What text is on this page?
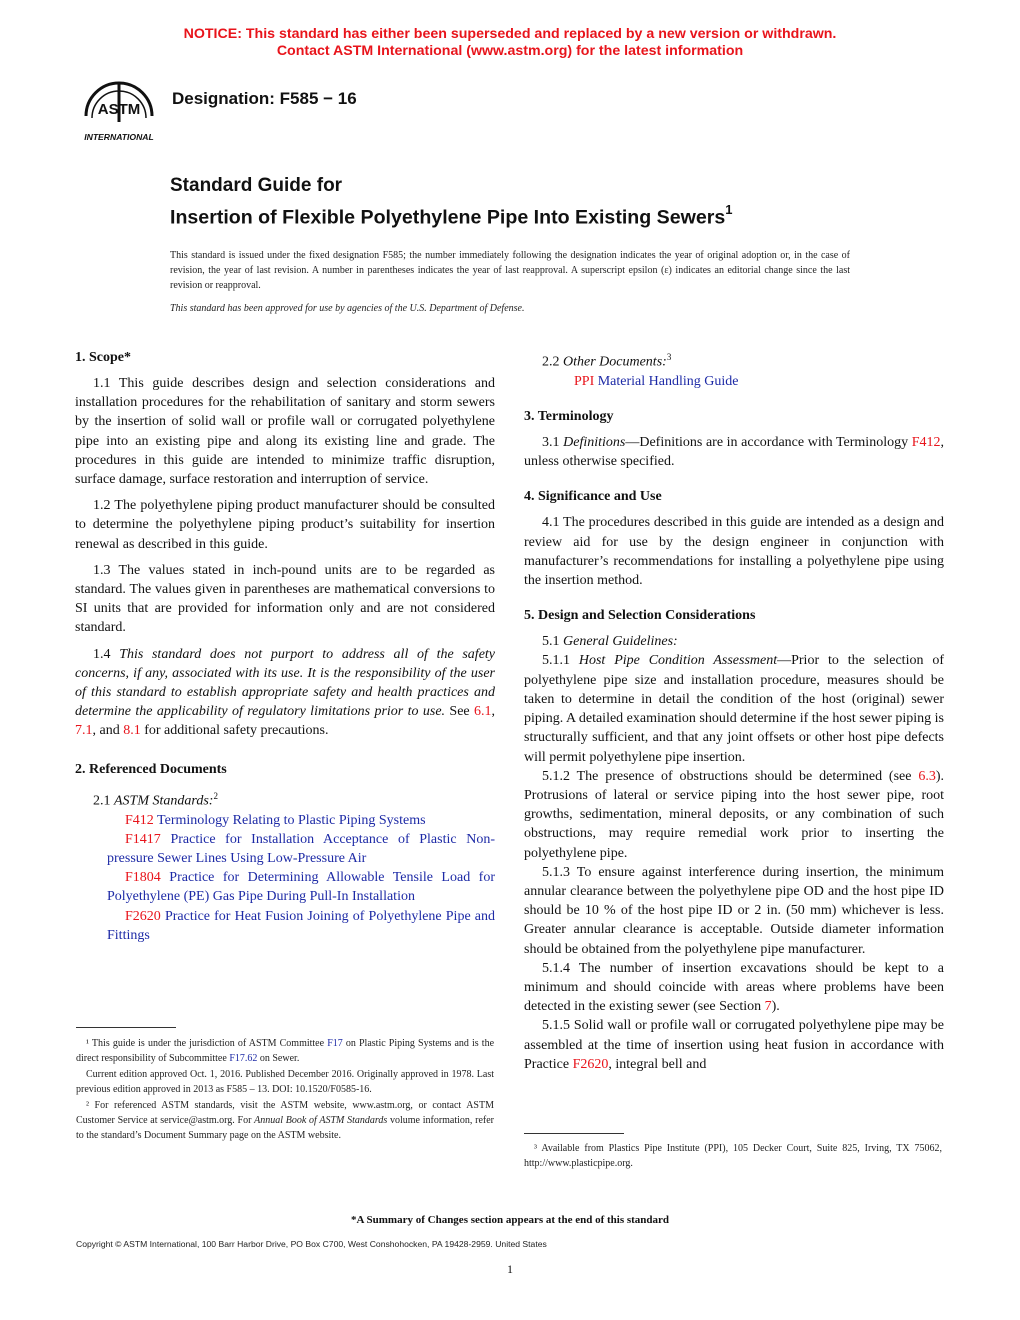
NOTICE: This standard has either been superseded and replaced by a new version or withdrawn.
Contact ASTM International (www.astm.org) for the latest information
ASTM
INTERNATIONAL
Designation: F585 − 16
Standard Guide for
Insertion of Flexible Polyethylene Pipe Into Existing Sewers$^1$
This standard is issued under the fixed designation F585; the number immediately following the designation indicates the year of original adoption or, in the case of revision, the year of last revision. A number in parentheses indicates the year of last reapproval. A superscript epsilon (ε) indicates an editorial change since the last revision or reapproval.
This standard has been approved for use by agencies of the U.S. Department of Defense.
1. Scope*

1.1 This guide describes design and selection considerations and installation procedures for the rehabilitation of sanitary and storm sewers by the insertion of solid wall or profile wall or corrugated polyethylene pipe into an existing pipe and along its existing line and grade. The procedures in this guide are intended to minimize traffic disruption, surface damage, surface restoration and interruption of service.

1.2 The polyethylene piping product manufacturer should be consulted to determine the polyethylene piping product’s suitability for insertion renewal as described in this guide.

1.3 The values stated in inch-pound units are to be regarded as standard. The values given in parentheses are mathematical conversions to SI units that are provided for information only and are not considered standard.

1.4 This standard does not purport to address all of the safety concerns, if any, associated with its use. It is the responsibility of the user of this standard to establish appropriate safety and health practices and determine the applicability of regulatory limitations prior to use. See 6.1, 7.1, and 8.1 for additional safety precautions.

2. Referenced Documents

2.1 ASTM Standards:$^2$

F412 Terminology Relating to Plastic Piping Systems

F1417 Practice for Installation Acceptance of Plastic Non-pressure Sewer Lines Using Low-Pressure Air

F1804 Practice for Determining Allowable Tensile Load for Polyethylene (PE) Gas Pipe During Pull-In Installation

F2620 Practice for Heat Fusion Joining of Polyethylene Pipe and Fittings

2.2 Other Documents:$^3$

PPI Material Handling Guide

3. Terminology

3.1 Definitions—Definitions are in accordance with Terminology F412, unless otherwise specified.

4. Significance and Use

4.1 The procedures described in this guide are intended as a design and review aid for use by the design engineer in conjunction with manufacturer’s recommendations for installing a polyethylene pipe using the insertion method.

5. Design and Selection Considerations

5.1 General Guidelines:

5.1.1 Host Pipe Condition Assessment—Prior to the selection of polyethylene pipe size and installation procedure, measures should be taken to determine in detail the condition of the host (original) sewer piping. A detailed examination should determine if the host sewer piping is structurally sufficient, and that any joint offsets or other host pipe defects will permit polyethylene pipe insertion.

5.1.2 The presence of obstructions should be determined (see 6.3). Protrusions of lateral or service piping into the host sewer pipe, root growths, sedimentation, mineral deposits, or any combination of such obstructions, may require remedial work prior to inserting the polyethylene pipe.

5.1.3 To ensure against interference during insertion, the minimum annular clearance between the polyethylene pipe OD and the host pipe ID should be 10 % of the host pipe ID or 2 in. (50 mm) whichever is less. Greater annular clearance is acceptable. Outside diameter information should be obtained from the polyethylene pipe manufacturer.

5.1.4 The number of insertion excavations should be kept to a minimum and should coincide with areas where problems have been detected in the existing sewer (see Section 7).

5.1.5 Solid wall or profile wall or corrugated polyethylene pipe may be assembled at the time of insertion using heat fusion in accordance with Practice F2620, integral bell and

¹ This guide is under the jurisdiction of ASTM Committee F17 on Plastic Piping Systems and is the direct responsibility of Subcommittee F17.62 on Sewer.

Current edition approved Oct. 1, 2016. Published December 2016. Originally approved in 1978. Last previous edition approved in 2013 as F585 – 13. DOI: 10.1520/F0585-16.

² For referenced ASTM standards, visit the ASTM website, www.astm.org, or contact ASTM Customer Service at service@astm.org. For Annual Book of ASTM Standards volume information, refer to the standard’s Document Summary page on the ASTM website.

³ Available from Plastics Pipe Institute (PPI), 105 Decker Court, Suite 825, Irving, TX 75062, http://www.plasticpipe.org.

*A Summary of Changes section appears at the end of this standard
Copyright © ASTM International, 100 Barr Harbor Drive, PO Box C700, West Conshohocken, PA 19428-2959. United States
1
